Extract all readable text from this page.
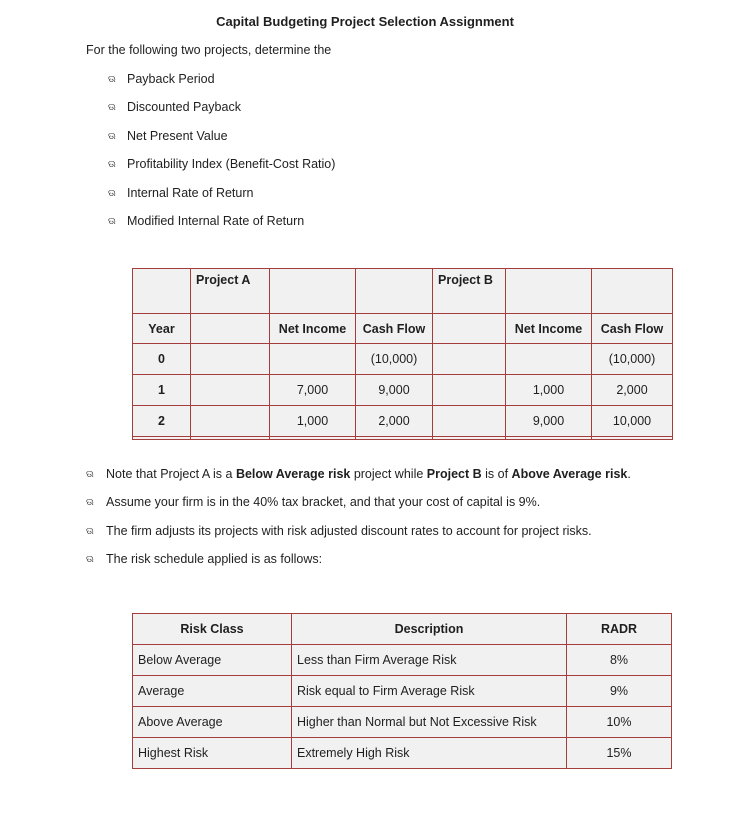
Capital Budgeting Project Selection Assignment
For the following two projects, determine the
ଊ Payback Period
ଊ Discounted Payback
ଊ Net Present Value
ଊ Profitability Index (Benefit-Cost Ratio)
ଊ Internal Rate of Return
ଊ Modified Internal Rate of Return
	Project A			Project B		
Year		Net Income	Cash Flow		Net Income	Cash Flow
0			(10,000)			(10,000)
1		7,000	9,000		1,000	2,000
2		1,000	2,000		9,000	10,000

ଊ Note that Project A is a Below Average risk project while Project B is of Above Average risk.
ଊ Assume your firm is in the 40% tax bracket, and that your cost of capital is 9%.
ଊ The firm adjusts its projects with risk adjusted discount rates to account for project risks.
ଊ The risk schedule applied is as follows:
Risk Class	Description	RADR
Below Average	Less than Firm Average Risk	8%
Average	Risk equal to Firm Average Risk	9%
Above Average	Higher than Normal but Not Excessive Risk	10%
Highest Risk	Extremely High Risk	15%
